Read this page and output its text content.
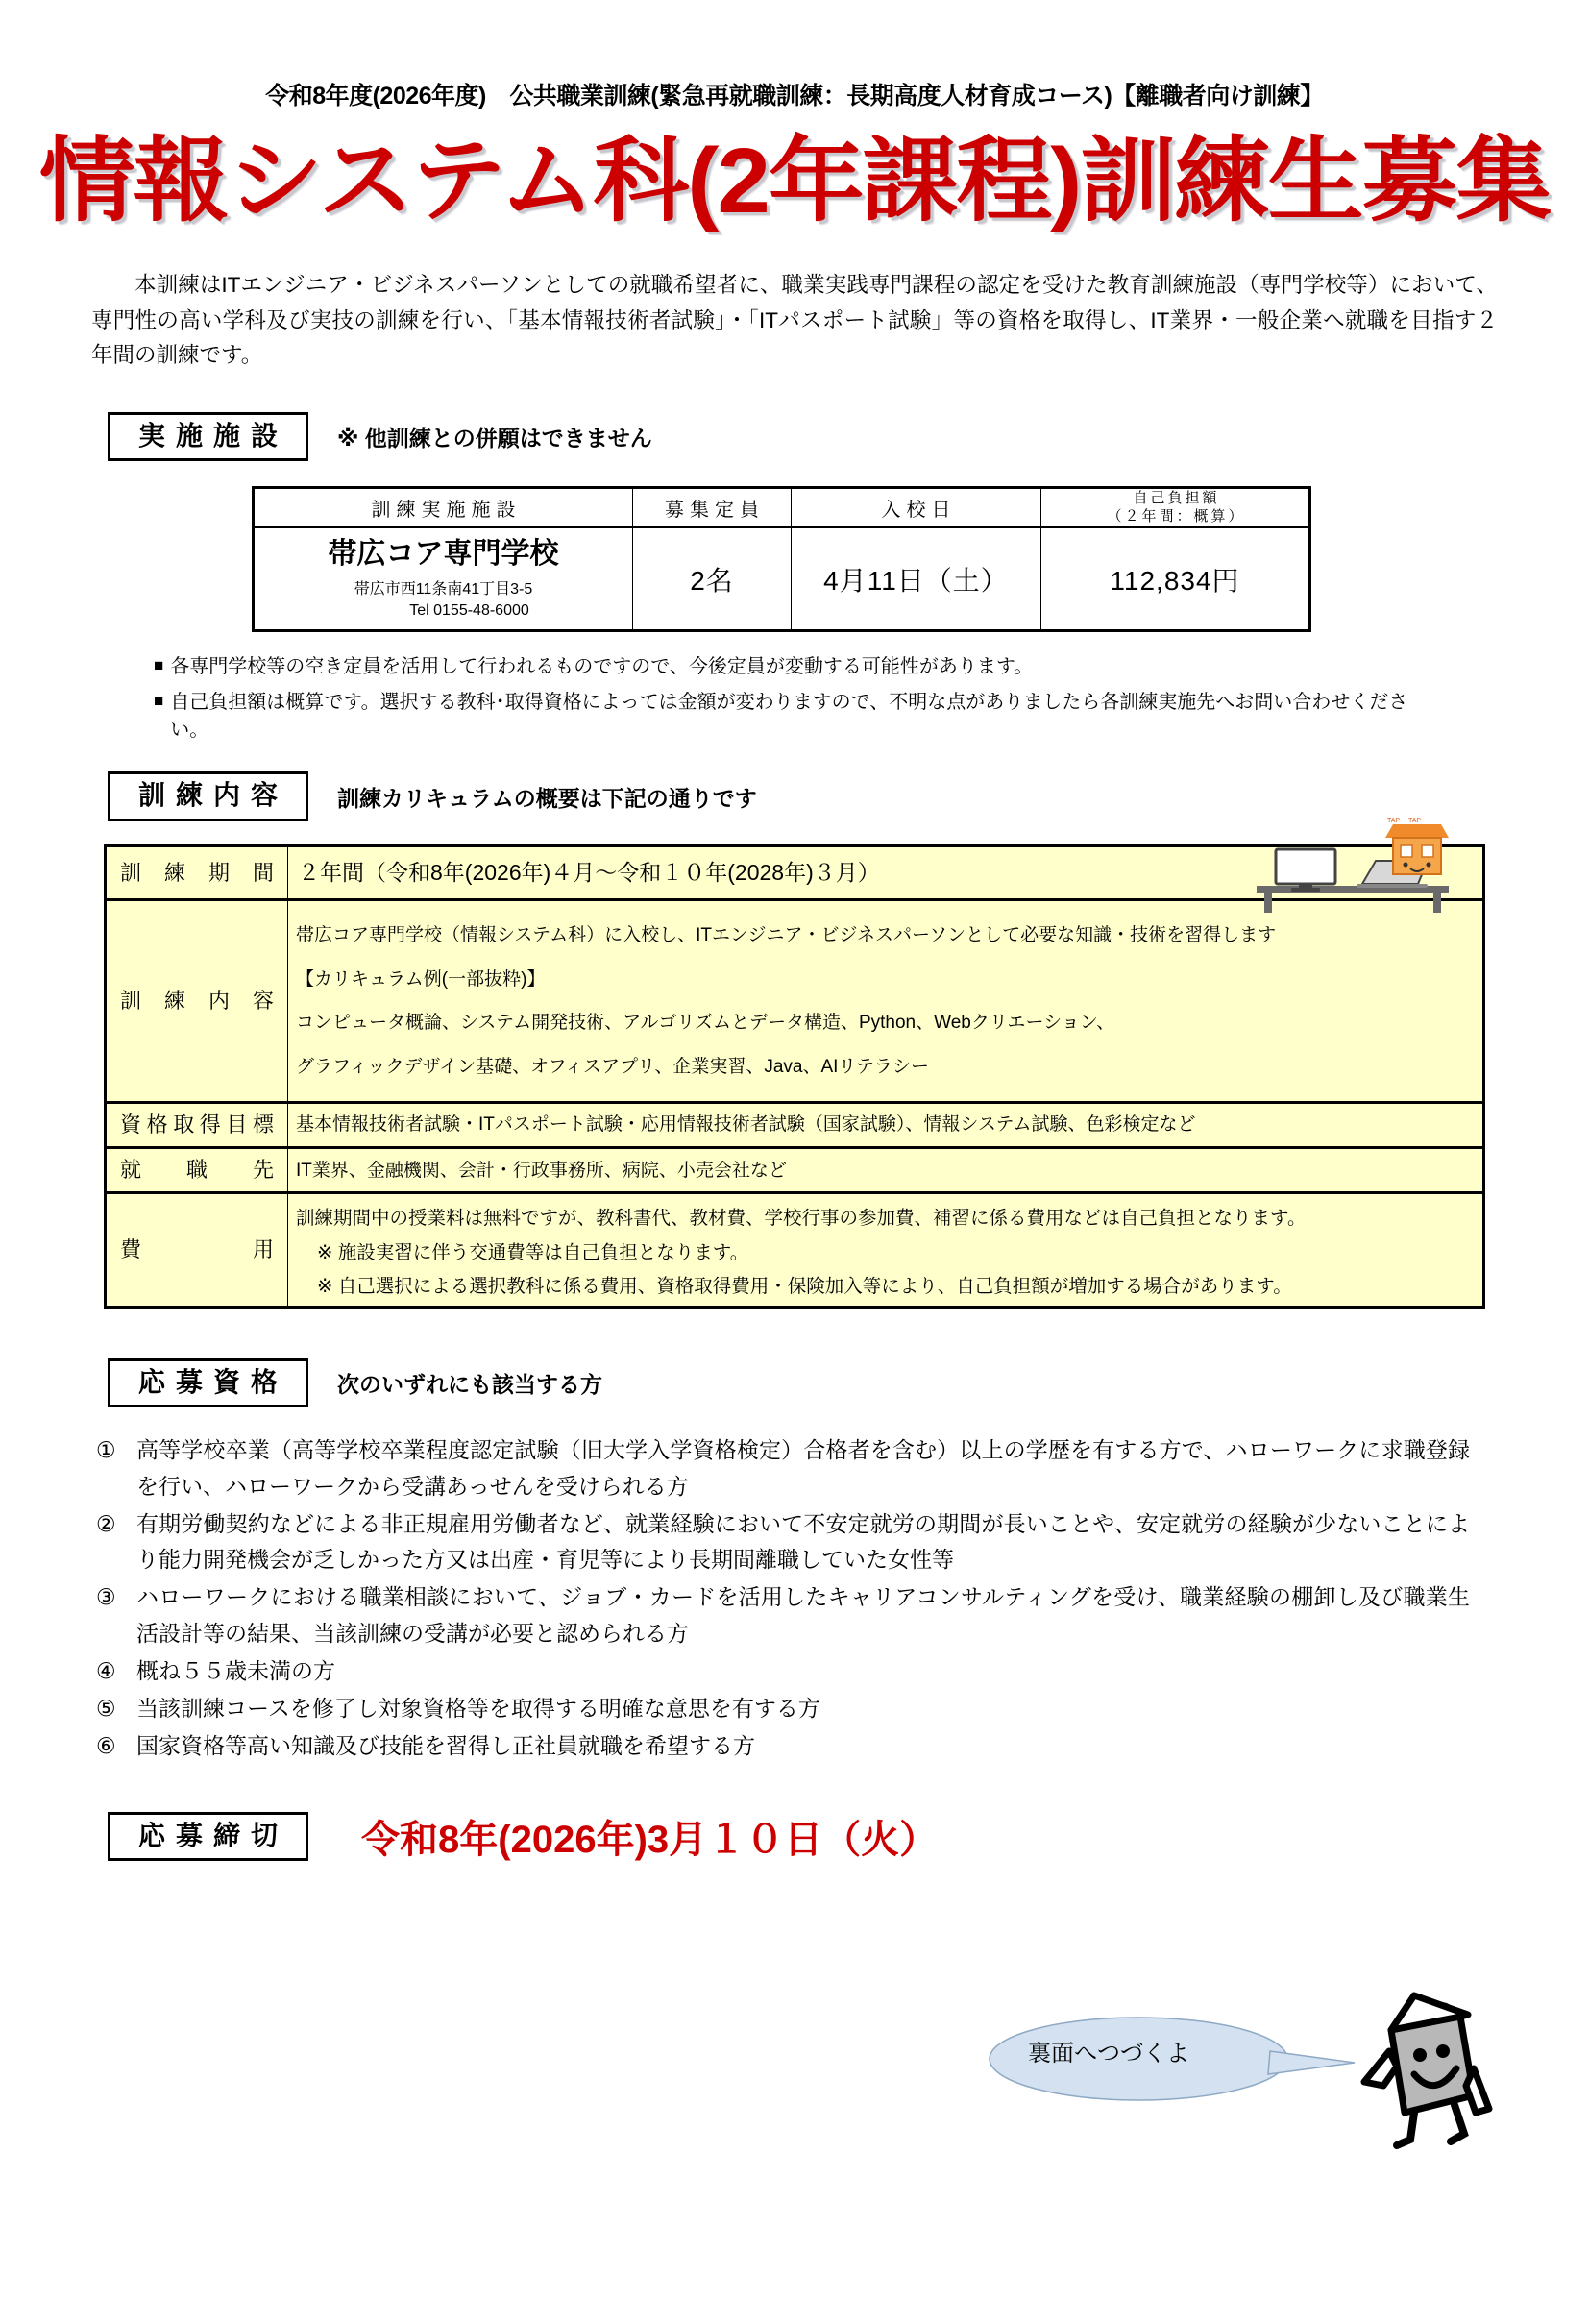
令和8年度(2026年度)　公共職業訓練(緊急再就職訓練：長期高度人材育成コース)【離職者向け訓練】
情報システム科(2年課程)訓練生募集

本訓練はITエンジニア・ビジネスパーソンとしての就職希望者に、職業実践専門課程の認定を受けた教育訓練施設（専門学校等）において、専門性の高い学科及び実技の訓練を行い、「基本情報技術者試験」・「ITパスポート試験」等の資格を取得し、IT業界・一般企業へ就職を目指す２年間の訓練です。

実施施設	※ 他訓練との併願はできません
訓練実施施設	募集定員	入校日	自己負担額
（２年間：概算）

帯広コア専門学校
帯広市西11条南41丁目3-5
Tel 0155-48-6000	2名	4月11日（土）	112,834円
■ 各専門学校等の空き定員を活用して行われるものですので、今後定員が変動する可能性があります。
■ 自己負担額は概算です。選択する教科･取得資格によっては金額が変わりますので、不明な点がありましたら各訓練実施先へお問い合わせください。
訓練内容	訓練カリキュラムの概要は下記の通りです
訓練期間	２年間（令和8年(2026年)４月～令和１０年(2028年)３月）
訓練内容	帯広コア専門学校（情報システム科）に入校し、ITエンジニア・ビジネスパーソンとして必要な知識・技術を習得します
【カリキュラム例(一部抜粋)】
コンピュータ概論、システム開発技術、アルゴリズムとデータ構造、Python、Webクリエーション、
グラフィックデザイン基礎、オフィスアプリ、企業実習、Java、AIリテラシー

資格取得目標	基本情報技術者試験・ITパスポート試験・応用情報技術者試験（国家試験）、情報システム試験、色彩検定など
就職先	IT業界、金融機関、会計・行政事務所、病院、小売会社など
費用	訓練期間中の授業料は無料ですが、教科書代、教材費、学校行事の参加費、補習に係る費用などは自己負担となります。
※ 施設実習に伴う交通費等は自己負担となります。
※ 自己選択による選択教科に係る費用、資格取得費用・保険加入等により、自己負担額が増加する場合があります。
応募資格	次のいずれにも該当する方
① 高等学校卒業（高等学校卒業程度認定試験（旧大学入学資格検定）合格者を含む）以上の学歴を有する方で、ハローワークに求職登録を行い、ハローワークから受講あっせんを受けられる方
② 有期労働契約などによる非正規雇用労働者など、就業経験において不安定就労の期間が長いことや、安定就労の経験が少ないことにより能力開発機会が乏しかった方又は出産・育児等により長期間離職していた女性等
③ ハローワークにおける職業相談において、ジョブ・カードを活用したキャリアコンサルティングを受け、職業経験の棚卸し及び職業生活設計等の結果、当該訓練の受講が必要と認められる方
④ 概ね５５歳未満の方
⑤ 当該訓練コースを修了し対象資格等を取得する明確な意思を有する方
⑥ 国家資格等高い知識及び技能を習得し正社員就職を希望する方
応募締切	令和8年(2026年)3月１０日（火）
TAP TAP
裏面へつづくよ
